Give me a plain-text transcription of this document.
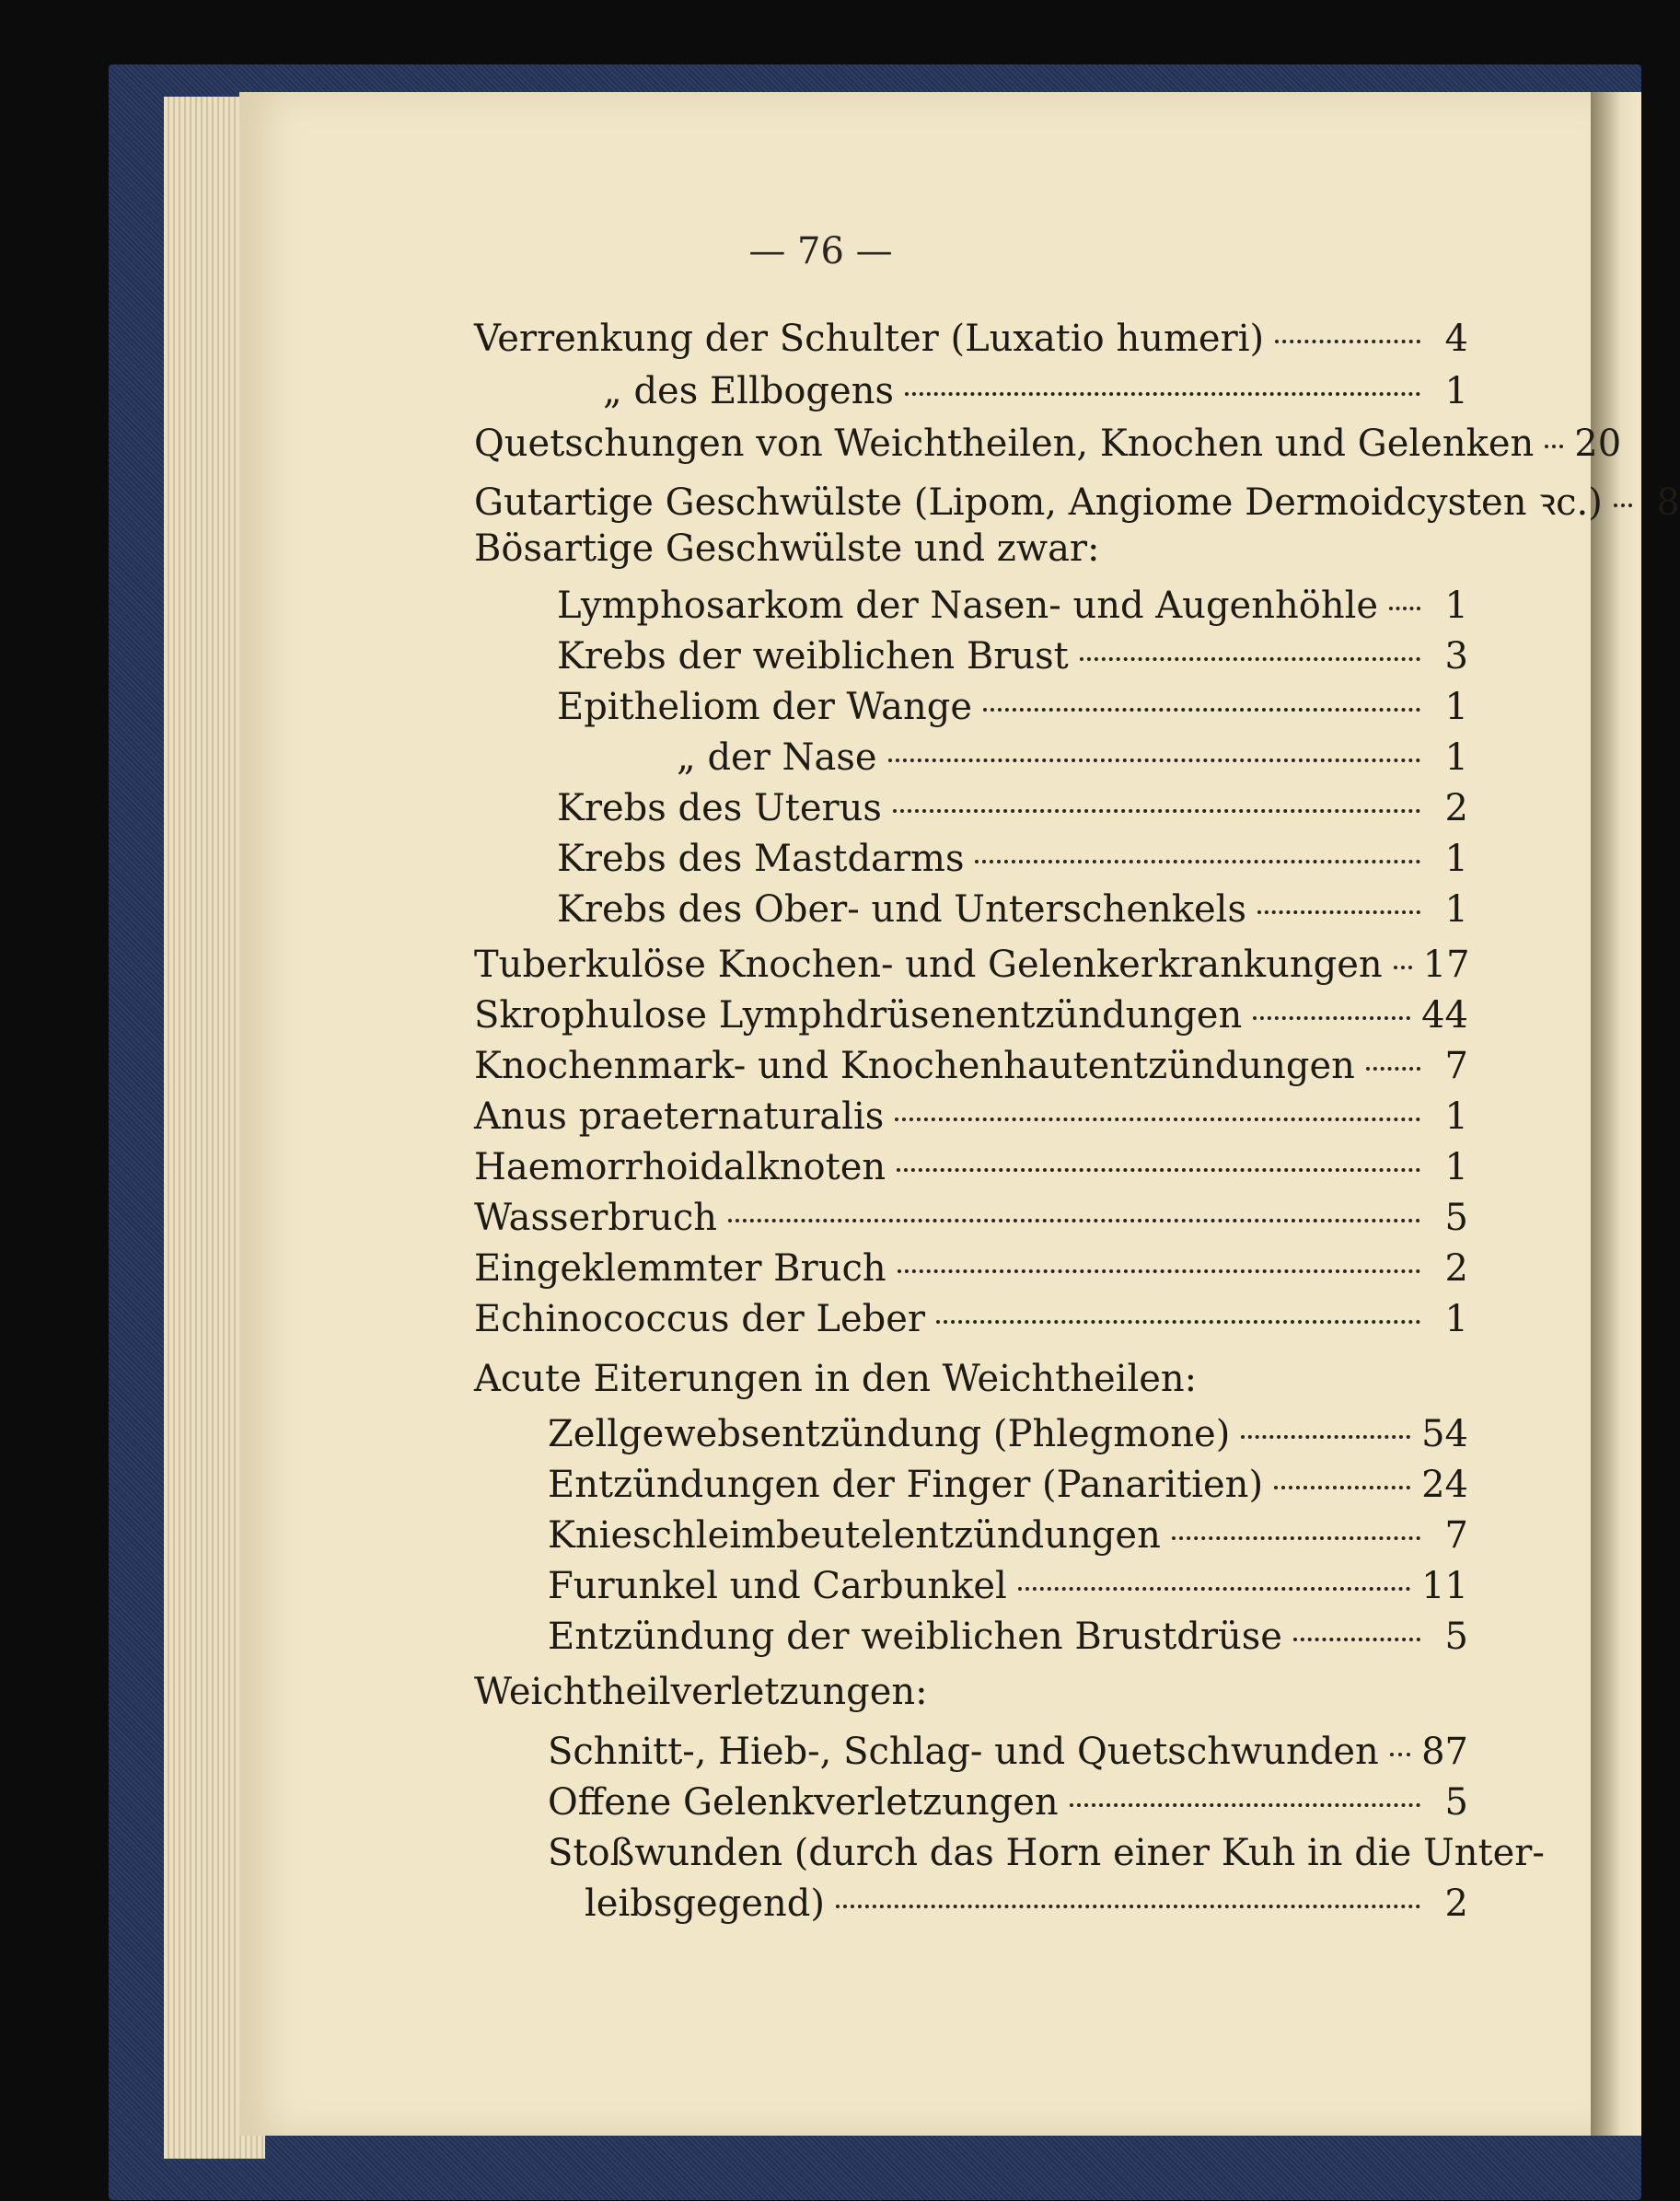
— 76 —
Verrenkung der Schulter (Luxatio humeri)	4
„ des Ellbogens	1
Quetschungen von Weichtheilen, Knochen und Gelenken 20
Gutartige Geschwülste (Lipom, Angiome Dermoidcysten ꝛc.)	8
Bösartige Geschwülste und zwar:
Lymphosarkom der Nasen- und Augenhöhle	1
Krebs der weiblichen Brust	3
Epitheliom der Wange	1
„ der Nase	1
Krebs des Uterus	2
Krebs des Mastdarms	1
Krebs des Ober- und Unterschenkels	1
Tuberkulöse Knochen- und Gelenkerkrankungen 17
Skrophulose Lymphdrüsenentzündungen	44
Knochenmark- und Knochenhautentzündungen	7
Anus praeternaturalis	1
Haemorrhoidalknoten	1
Wasserbruch	5
Eingeklemmter Bruch	2
Echinococcus der Leber	1
Acute Eiterungen in den Weichtheilen:
Zellgewebsentzündung (Phlegmone)	54
Entzündungen der Finger (Panaritien)	24
Knieschleimbeutelentzündungen	7
Furunkel und Carbunkel	11
Entzündung der weiblichen Brustdrüse	5
Weichtheilverletzungen:
Schnitt-, Hieb-, Schlag- und Quetschwunden 87
Offene Gelenkverletzungen	5
Stoßwunden (durch das Horn einer Kuh in die Unter-
leibsgegend)	2
